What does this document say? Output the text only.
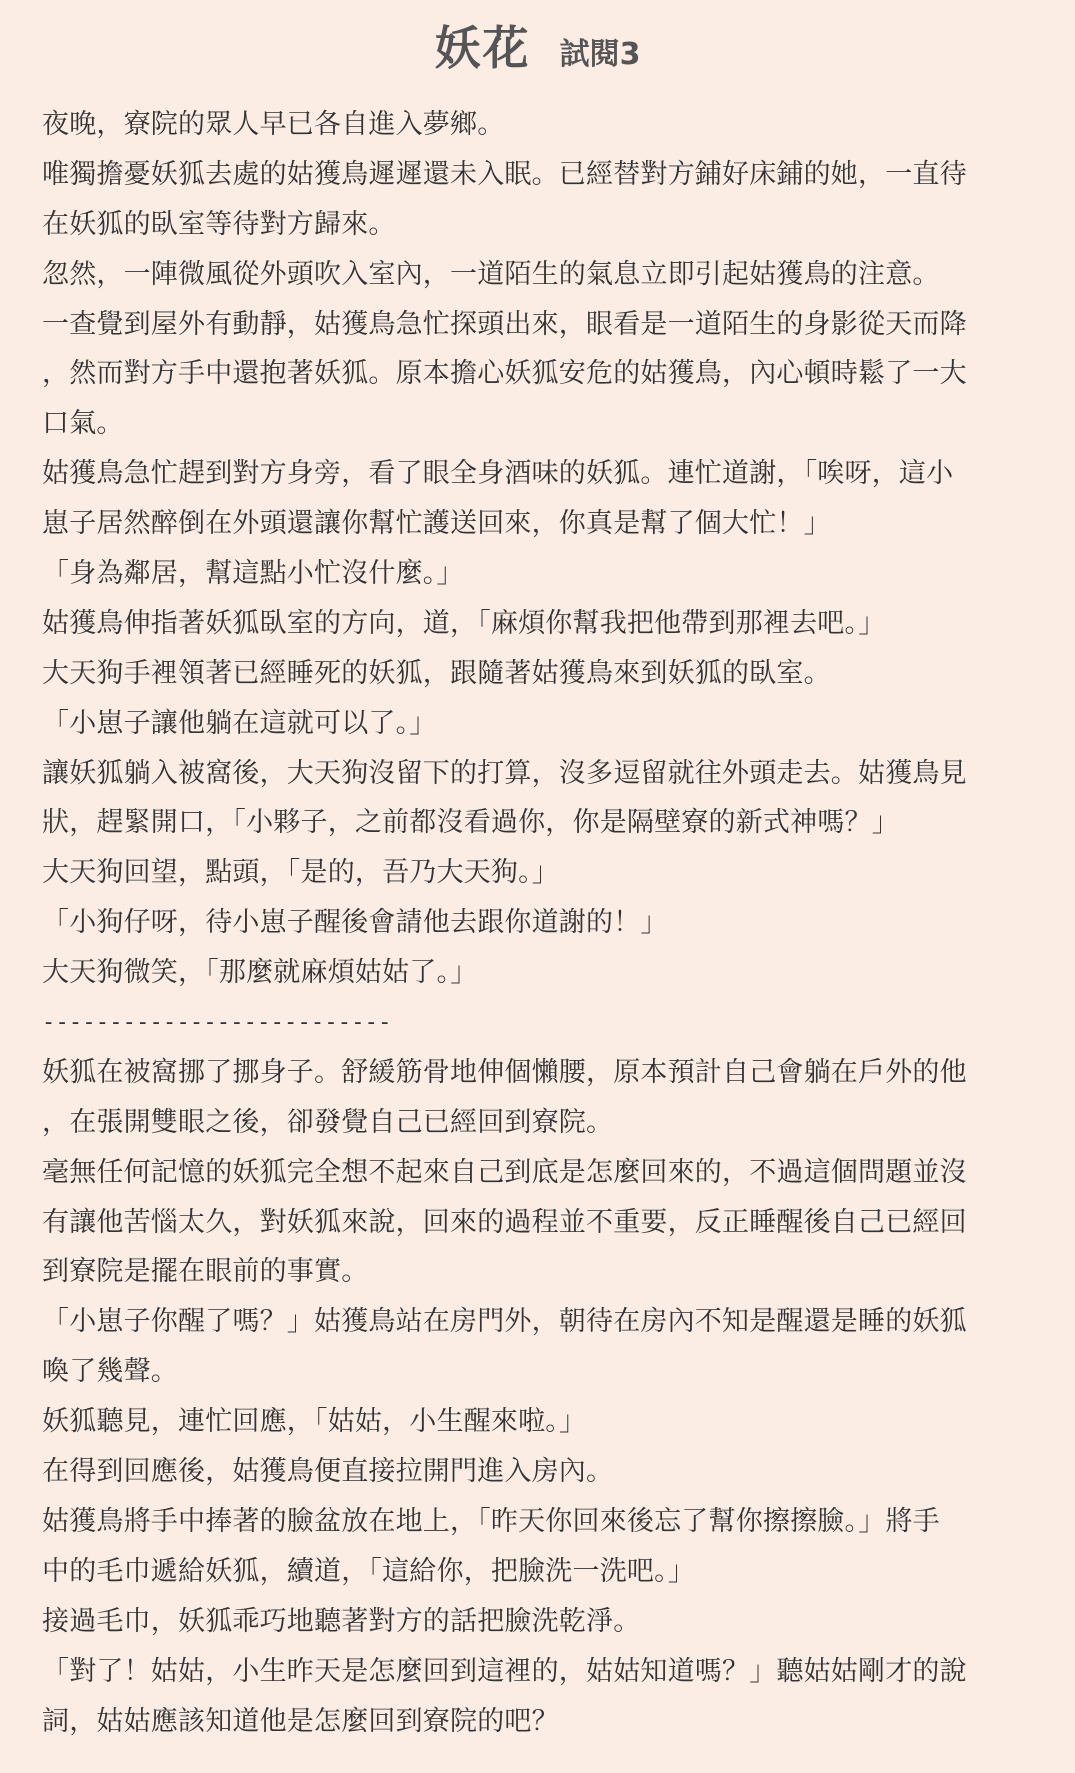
妖花 試閱3
夜晚，寮院的眾人早已各自進入夢鄉。
唯獨擔憂妖狐去處的姑獲鳥遲遲還未入眠。已經替對方鋪好床鋪的她，一直待
在妖狐的臥室等待對方歸來。
忽然，一陣微風從外頭吹入室內，一道陌生的氣息立即引起姑獲鳥的注意。
一查覺到屋外有動靜，姑獲鳥急忙探頭出來，眼看是一道陌生的身影從天而降
，然而對方手中還抱著妖狐。原本擔心妖狐安危的姑獲鳥，內心頓時鬆了一大
口氣。
姑獲鳥急忙趕到對方身旁，看了眼全身酒味的妖狐。連忙道謝，「唉呀，這小
崽子居然醉倒在外頭還讓你幫忙護送回來，你真是幫了個大忙！」
「身為鄰居，幫這點小忙沒什麼。」
姑獲鳥伸指著妖狐臥室的方向，道，「麻煩你幫我把他帶到那裡去吧。」
大天狗手裡領著已經睡死的妖狐，跟隨著姑獲鳥來到妖狐的臥室。
「小崽子讓他躺在這就可以了。」
讓妖狐躺入被窩後，大天狗沒留下的打算，沒多逗留就往外頭走去。姑獲鳥見
狀，趕緊開口，「小夥子，之前都沒看過你，你是隔壁寮的新式神嗎？」
大天狗回望，點頭，「是的，吾乃大天狗。」
「小狗仔呀，待小崽子醒後會請他去跟你道謝的！」
大天狗微笑，「那麼就麻煩姑姑了。」
--------------------------
妖狐在被窩挪了挪身子。舒緩筋骨地伸個懶腰，原本預計自己會躺在戶外的他
，在張開雙眼之後，卻發覺自己已經回到寮院。
毫無任何記憶的妖狐完全想不起來自己到底是怎麼回來的，不過這個問題並沒
有讓他苦惱太久，對妖狐來說，回來的過程並不重要，反正睡醒後自己已經回
到寮院是擺在眼前的事實。
「小崽子你醒了嗎？」姑獲鳥站在房門外，朝待在房內不知是醒還是睡的妖狐
喚了幾聲。
妖狐聽見，連忙回應，「姑姑，小生醒來啦。」
在得到回應後，姑獲鳥便直接拉開門進入房內。
姑獲鳥將手中捧著的臉盆放在地上，「昨天你回來後忘了幫你擦擦臉。」將手
中的毛巾遞給妖狐，續道，「這給你，把臉洗一洗吧。」
接過毛巾，妖狐乖巧地聽著對方的話把臉洗乾淨。
「對了！姑姑，小生昨天是怎麼回到這裡的，姑姑知道嗎？」聽姑姑剛才的說
詞，姑姑應該知道他是怎麼回到寮院的吧？
